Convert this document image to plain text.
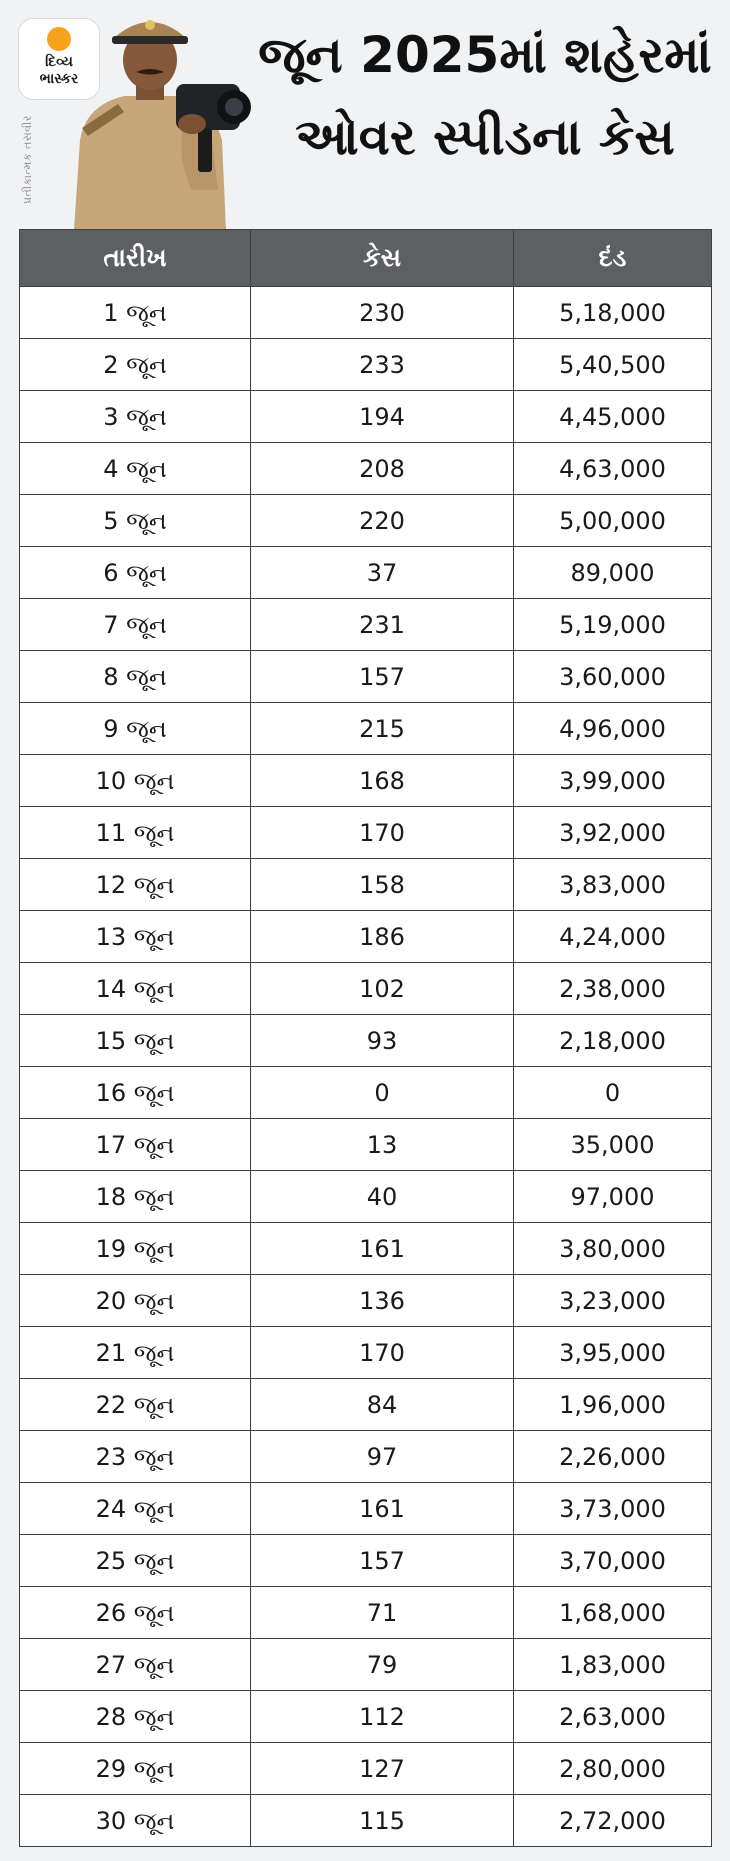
દિવ્ય
ભાસ્કર
પ્રતીકાત્મક તસવીર
જૂન 2025માં શહેરમાં
ઓવર સ્પીડના કેસ
તારીખ	કેસ	દંડ
1 જૂન	230	5,18,000
2 જૂન	233	5,40,500
3 જૂન	194	4,45,000
4 જૂન	208	4,63,000
5 જૂન	220	5,00,000
6 જૂન	37	89,000
7 જૂન	231	5,19,000
8 જૂન	157	3,60,000
9 જૂન	215	4,96,000
10 જૂન	168	3,99,000
11 જૂન	170	3,92,000
12 જૂન	158	3,83,000
13 જૂન	186	4,24,000
14 જૂન	102	2,38,000
15 જૂન	93	2,18,000
16 જૂન	0	0
17 જૂન	13	35,000
18 જૂન	40	97,000
19 જૂન	161	3,80,000
20 જૂન	136	3,23,000
21 જૂન	170	3,95,000
22 જૂન	84	1,96,000
23 જૂન	97	2,26,000
24 જૂન	161	3,73,000
25 જૂન	157	3,70,000
26 જૂન	71	1,68,000
27 જૂન	79	1,83,000
28 જૂન	112	2,63,000
29 જૂન	127	2,80,000
30 જૂન	115	2,72,000
